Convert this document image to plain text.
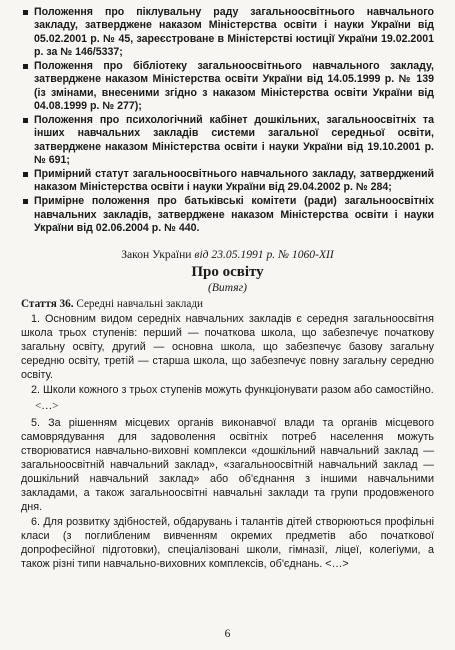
Положення про піклувальну раду загальноосвітнього навчального закладу, затверджене наказом Міністерства освіти і науки України від 05.02.2001 р. № 45, зареєстроване в Міністерстві юстиції України 19.02.2001 р. за № 146/5337;
Положення про бібліотеку загальноосвітнього навчального закладу, затверджене наказом Міністерства освіти України від 14.05.1999 р. № 139 (із змінами, внесеними згідно з наказом Міністерства освіти України від 04.08.1999 р. № 277);
Положення про психологічний кабінет дошкільних, загальноосвітніх та інших навчальних закладів системи загальної середньої освіти, затверджене наказом Міністерства освіти і науки України від 19.10.2001 р. № 691;
Примірний статут загальноосвітнього навчального закладу, затверджений наказом Міністерства освіти і науки України від 29.04.2002 р. № 284;
Примірне положення про батьківські комітети (ради) загальноосвітніх навчальних закладів, затверджене наказом Міністерства освіти і науки України від 02.06.2004 р. № 440.
Закон України від 23.05.1991 р. № 1060-XII
Про освіту
(Витяг)

Стаття 36. Середні навчальні заклади

1. Основним видом середніх навчальних закладів є середня загальноосвітня школа трьох ступенів: перший — початкова школа, що забезпечує початкову загальну освіту, другий — основна школа, що забезпечує базову загальну середню освіту, третій — старша школа, що забезпечує повну загальну середню освіту.

2. Школи кожного з трьох ступенів можуть функціонувати разом або самостійно.

<…>

5. За рішенням місцевих органів виконавчої влади та органів місцевого самоврядування для задоволення освітніх потреб населення можуть створюватися навчально-виховні комплекси «дошкільний навчальний заклад — загальноосвітній навчальний заклад», «загальноосвітній навчальний заклад — дошкільний навчальний заклад» або об'єднання з іншими навчальними закладами, а також загальноосвітні навчальні заклади та групи продовженого дня.

6. Для розвитку здібностей, обдарувань і талантів дітей створюються профільні класи (з поглибленим вивченням окремих предметів або початкової допрофесійної підготовки), спеціалізовані школи, гімназії, ліцеї, колегіуми, а також різні типи навчально-виховних комплексів, об'єднань. <…>

6
